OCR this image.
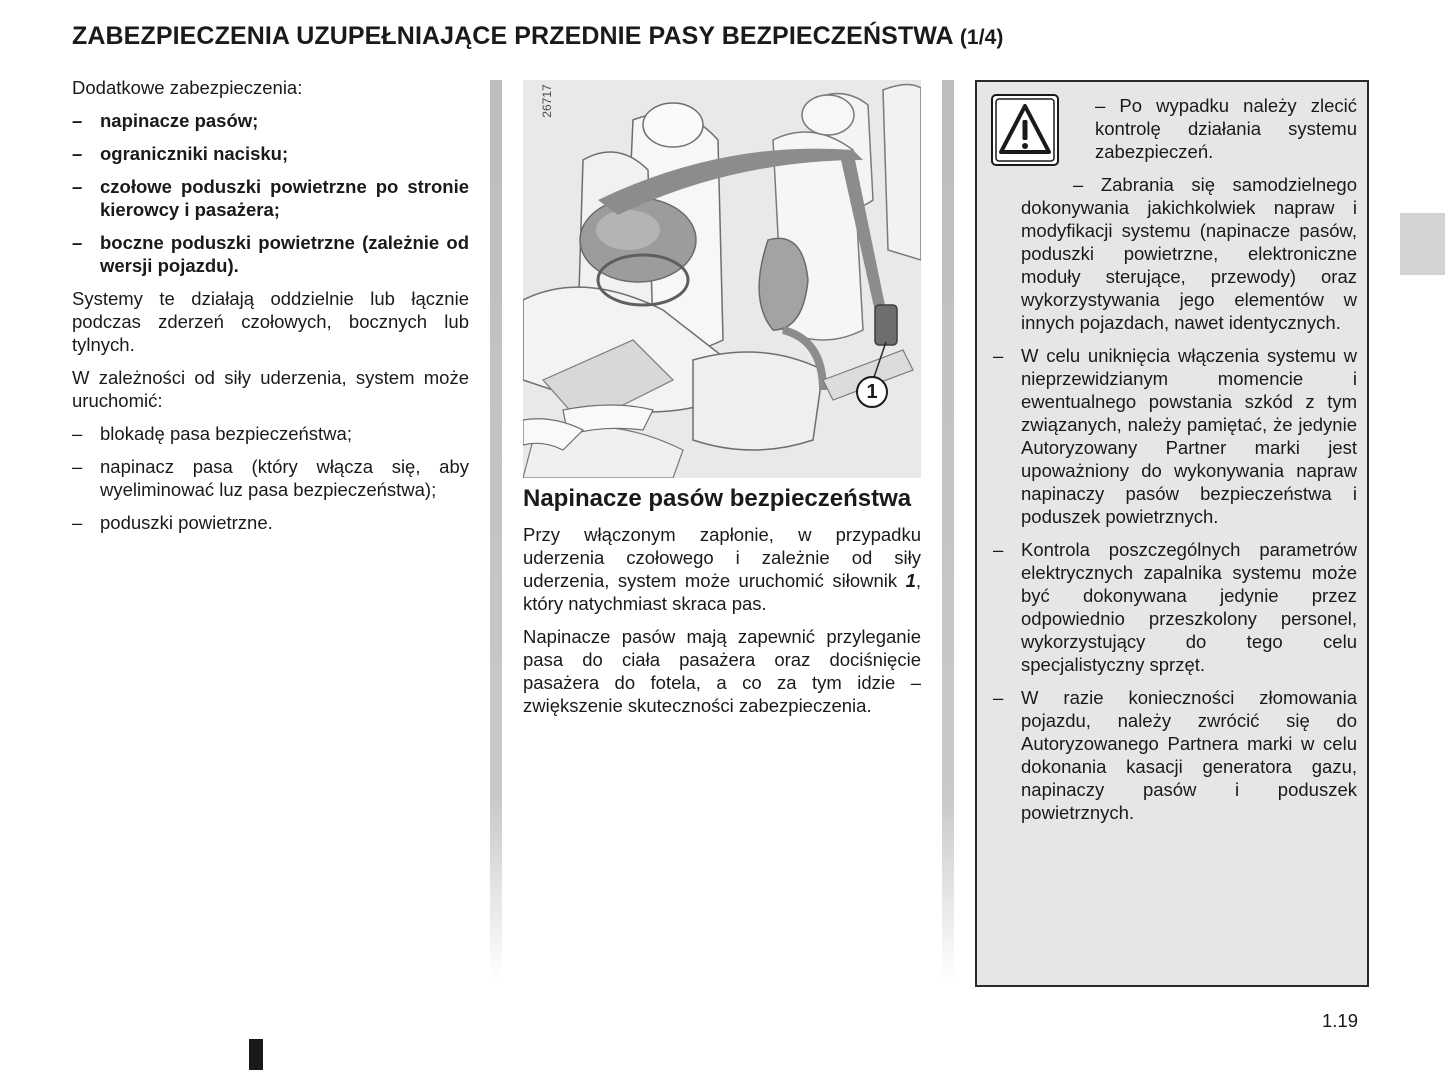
ZABEZPIECZENIA UZUPEŁNIAJĄCE PRZEDNIE PASY BEZPIECZEŃSTWA (1/4)

Dodatkowe zabezpieczenia:

– napinacze pasów;
– ograniczniki nacisku;
– czołowe poduszki powietrzne po stronie kierowcy i pasażera;
– boczne poduszki powietrzne (zależnie od wersji pojazdu).

Systemy te działają oddzielnie lub łącznie podczas zderzeń czołowych, bocznych lub tylnych.

W zależności od siły uderzenia, system może uruchomić:

– blokadę pasa bezpieczeństwa;
– napinacz pasa (który włącza się, aby wyeliminować luz pasa bezpieczeństwa);
– poduszki powietrzne.
26717
1
Napinacze pasów bezpieczeństwa

Przy włączonym zapłonie, w przypadku uderzenia czołowego i zależnie od siły uderzenia, system może uruchomić siłownik 1, który natychmiast skraca pas.

Napinacze pasów mają zapewnić przyleganie pasa do ciała pasażera oraz dociśnięcie pasażera do fotela, a co za tym idzie –zwiększenie skuteczności zabezpieczenia.

– Po wypadku należy zlecić kontrolę działania systemu zabezpieczeń.

– Zabrania się samodzielnego dokonywania jakichkolwiek napraw i modyfikacji systemu (napinacze pasów, poduszki powietrzne, elektroniczne moduły sterujące, przewody) oraz wykorzystywania jego elementów w innych pojazdach, nawet identycznych.

– W celu uniknięcia włączenia systemu w nieprzewidzianym momencie i ewentualnego powstania szkód z tym związanych, należy pamiętać, że jedynie Autoryzowany Partner marki jest upoważniony do wykonywania napraw napinaczy pasów bezpieczeństwa i poduszek powietrznych.

– Kontrola poszczególnych parametrów elektrycznych zapalnika systemu może być dokonywana jedynie przez odpowiednio przeszkolony personel, wykorzystujący do tego celu specjalistyczny sprzęt.

– W razie konieczności złomowania pojazdu, należy zwrócić się do Autoryzowanego Partnera marki w celu dokonania kasacji generatora gazu, napinaczy pasów i poduszek powietrznych.

1.19
